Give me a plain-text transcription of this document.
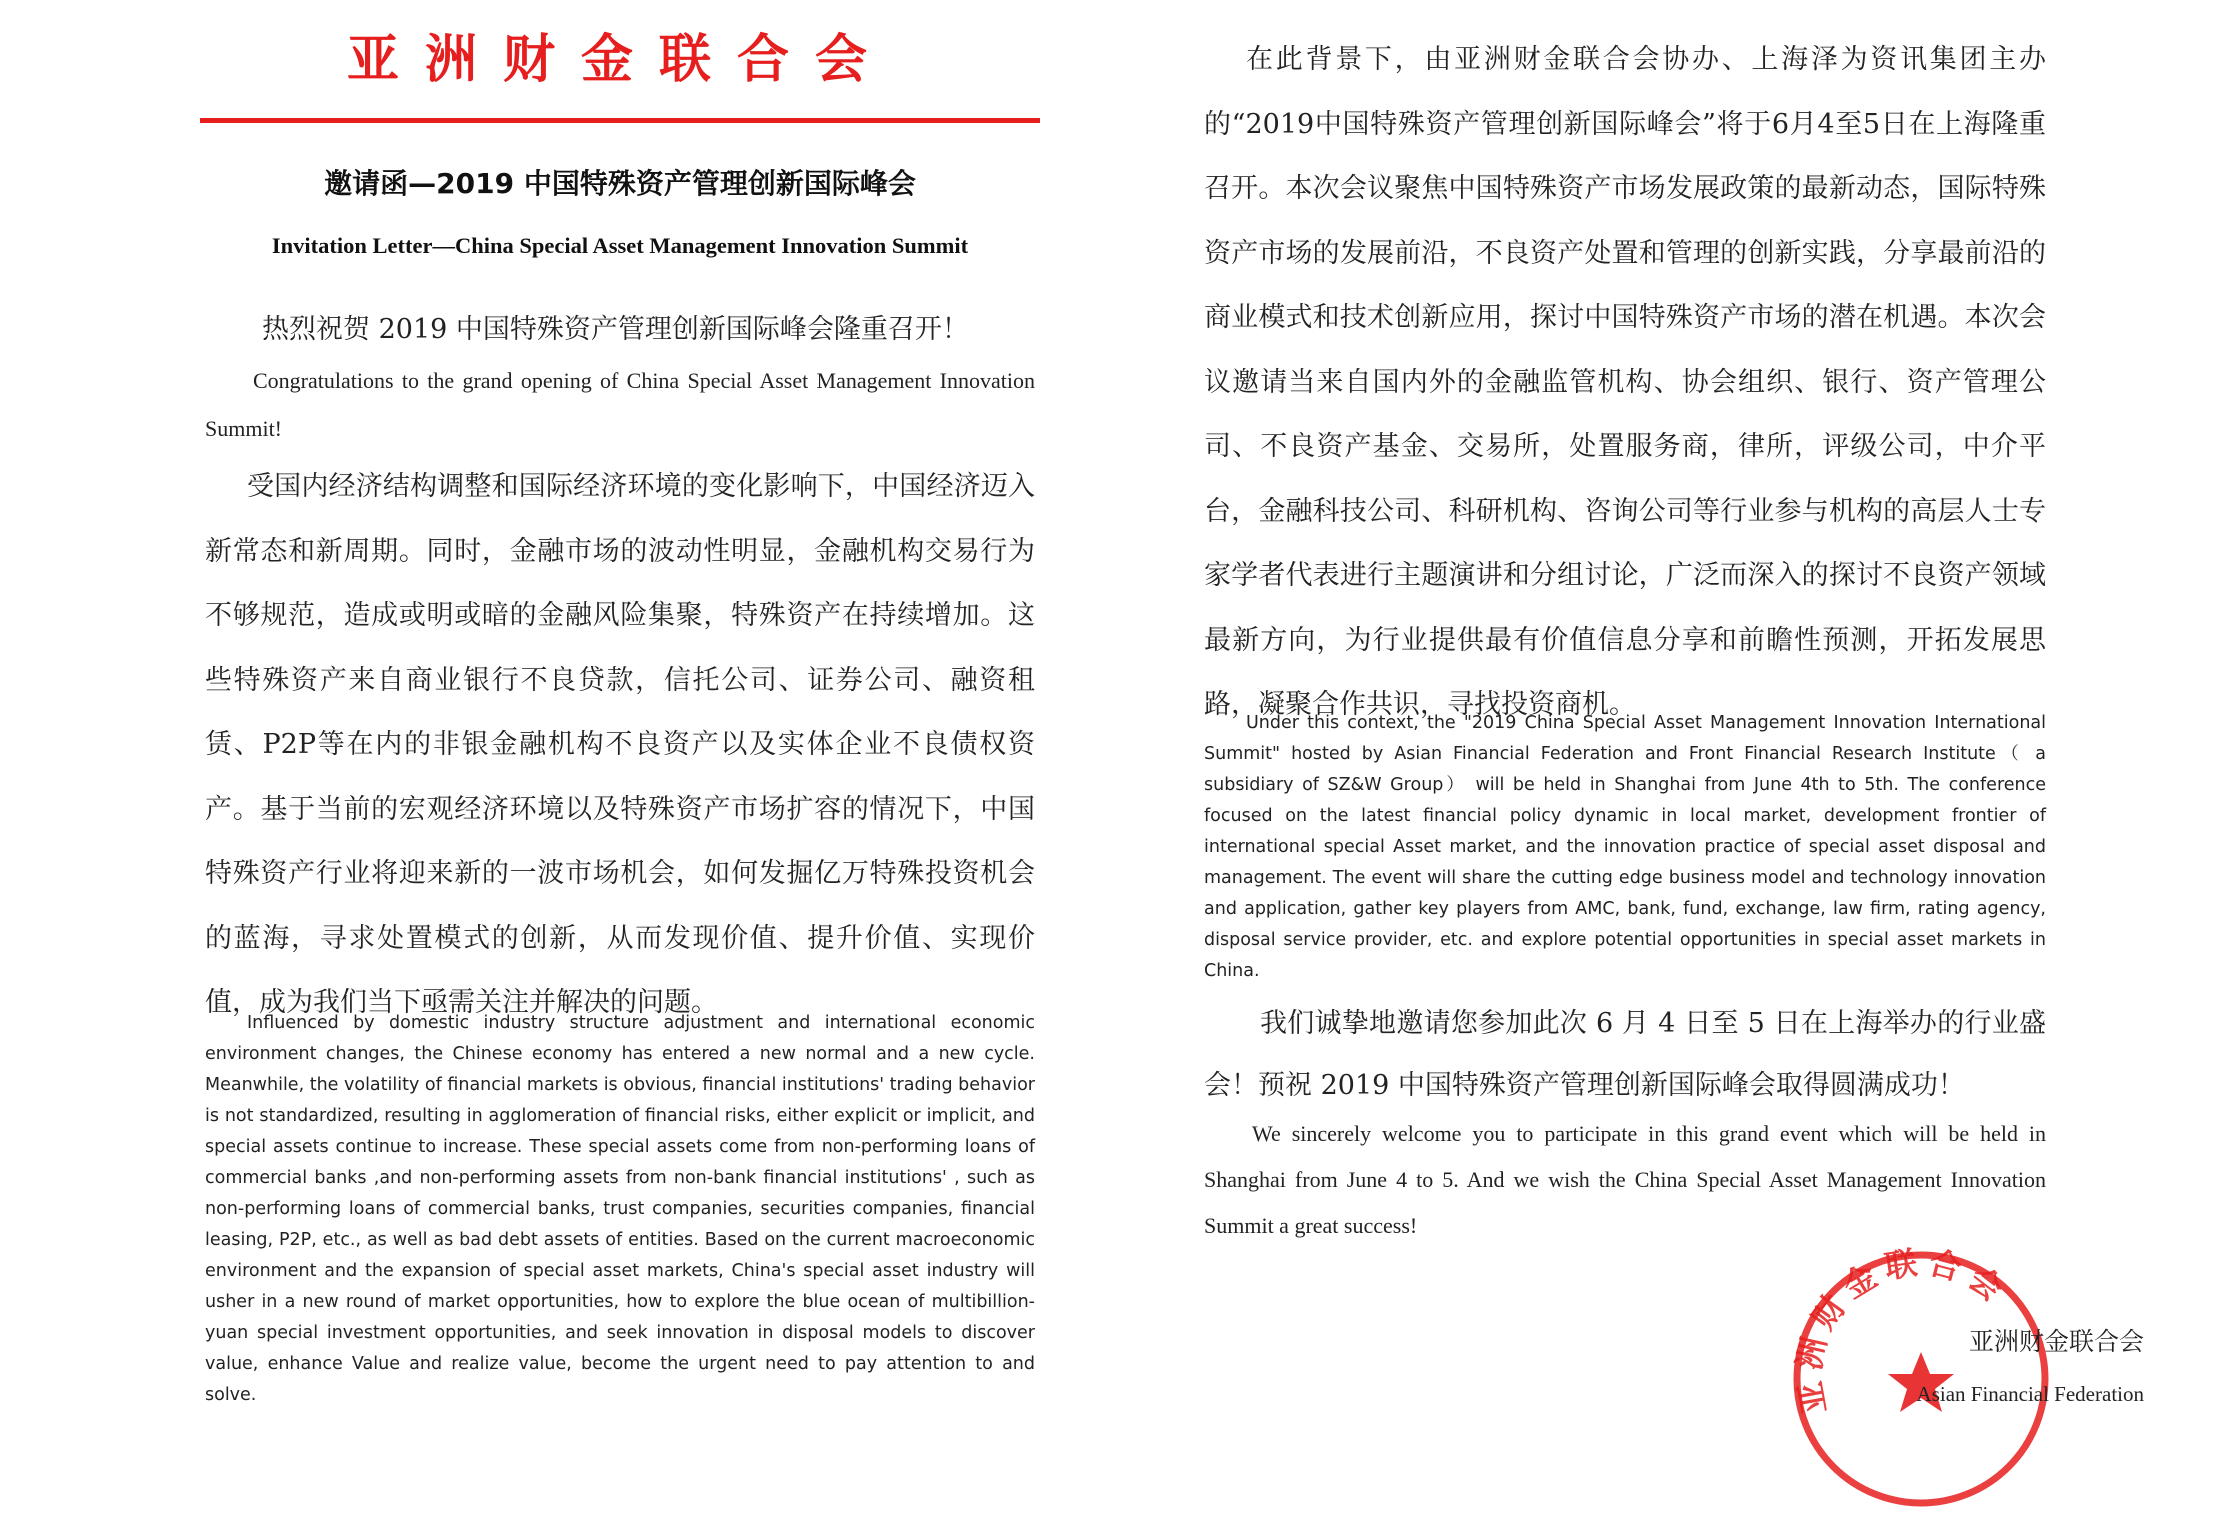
亚洲财金联合会
邀请函—2019 中国特殊资产管理创新国际峰会
Invitation Letter—China Special Asset Management Innovation Summit

热烈祝贺 2019 中国特殊资产管理创新国际峰会隆重召开！

Congratulations to the grand opening of China Special Asset Management Innovation Summit!

受国内经济结构调整和国际经济环境的变化影响下，中国经济迈入新常态和新周期。同时，金融市场的波动性明显，金融机构交易行为不够规范，造成或明或暗的金融风险集聚，特殊资产在持续增加。这些特殊资产来自商业银行不良贷款，信托公司、证券公司、融资租赁、P2P等在内的非银金融机构不良资产以及实体企业不良债权资产。基于当前的宏观经济环境以及特殊资产市场扩容的情况下，中国特殊资产行业将迎来新的一波市场机会，如何发掘亿万特殊投资机会的蓝海，寻求处置模式的创新，从而发现价值、提升价值、实现价值，成为我们当下亟需关注并解决的问题。

Influenced by domestic industry structure adjustment and international economic environment changes, the Chinese economy has entered a new normal and a new cycle. Meanwhile, the volatility of financial markets is obvious, financial institutions' trading behavior is not standardized, resulting in agglomeration of financial risks, either explicit or implicit, and special assets continue to increase. These special assets come from non-performing loans of commercial banks ,and non-performing assets from non-bank financial institutions' , such as non-performing loans of commercial banks, trust companies, securities companies, financial leasing, P2P, etc., as well as bad debt assets of entities. Based on the current macroeconomic environment and the expansion of special asset markets, China's special asset industry will usher in a new round of market opportunities, how to explore the blue ocean of multibillion-yuan special investment opportunities, and seek innovation in disposal models to discover value, enhance Value and realize value, become the urgent need to pay attention to and solve.

在此背景下，由亚洲财金联合会协办、上海泽为资讯集团主办的“2019中国特殊资产管理创新国际峰会”将于6月4至5日在上海隆重召开。本次会议聚焦中国特殊资产市场发展政策的最新动态，国际特殊资产市场的发展前沿，不良资产处置和管理的创新实践，分享最前沿的商业模式和技术创新应用，探讨中国特殊资产市场的潜在机遇。本次会议邀请当来自国内外的金融监管机构、协会组织、银行、资产管理公司、不良资产基金、交易所，处置服务商，律所，评级公司，中介平台，金融科技公司、科研机构、咨询公司等行业参与机构的高层人士专家学者代表进行主题演讲和分组讨论，广泛而深入的探讨不良资产领域最新方向，为行业提供最有价值信息分享和前瞻性预测，开拓发展思路，凝聚合作共识，寻找投资商机。

Under this context, the "2019 China Special Asset Management Innovation International Summit" hosted by Asian Financial Federation and Front Financial Research Institute（ a subsidiary of SZ&W Group） will be held in Shanghai from June 4th to 5th. The conference focused on the latest financial policy dynamic in local market, development frontier of international special Asset market, and the innovation practice of special asset disposal and management. The event will share the cutting edge business model and technology innovation and application, gather key players from AMC, bank, fund, exchange, law firm, rating agency, disposal service provider, etc. and explore potential opportunities in special asset markets in China.

我们诚挚地邀请您参加此次 6 月 4 日至 5 日在上海举办的行业盛会！预祝 2019 中国特殊资产管理创新国际峰会取得圆满成功！

We sincerely welcome you to participate in this grand event which will be held in Shanghai from June 4 to 5. And we wish the China Special Asset Management Innovation Summit a great success!

亚洲财金联合会
亚洲财金联合会
Asian Financial Federation
